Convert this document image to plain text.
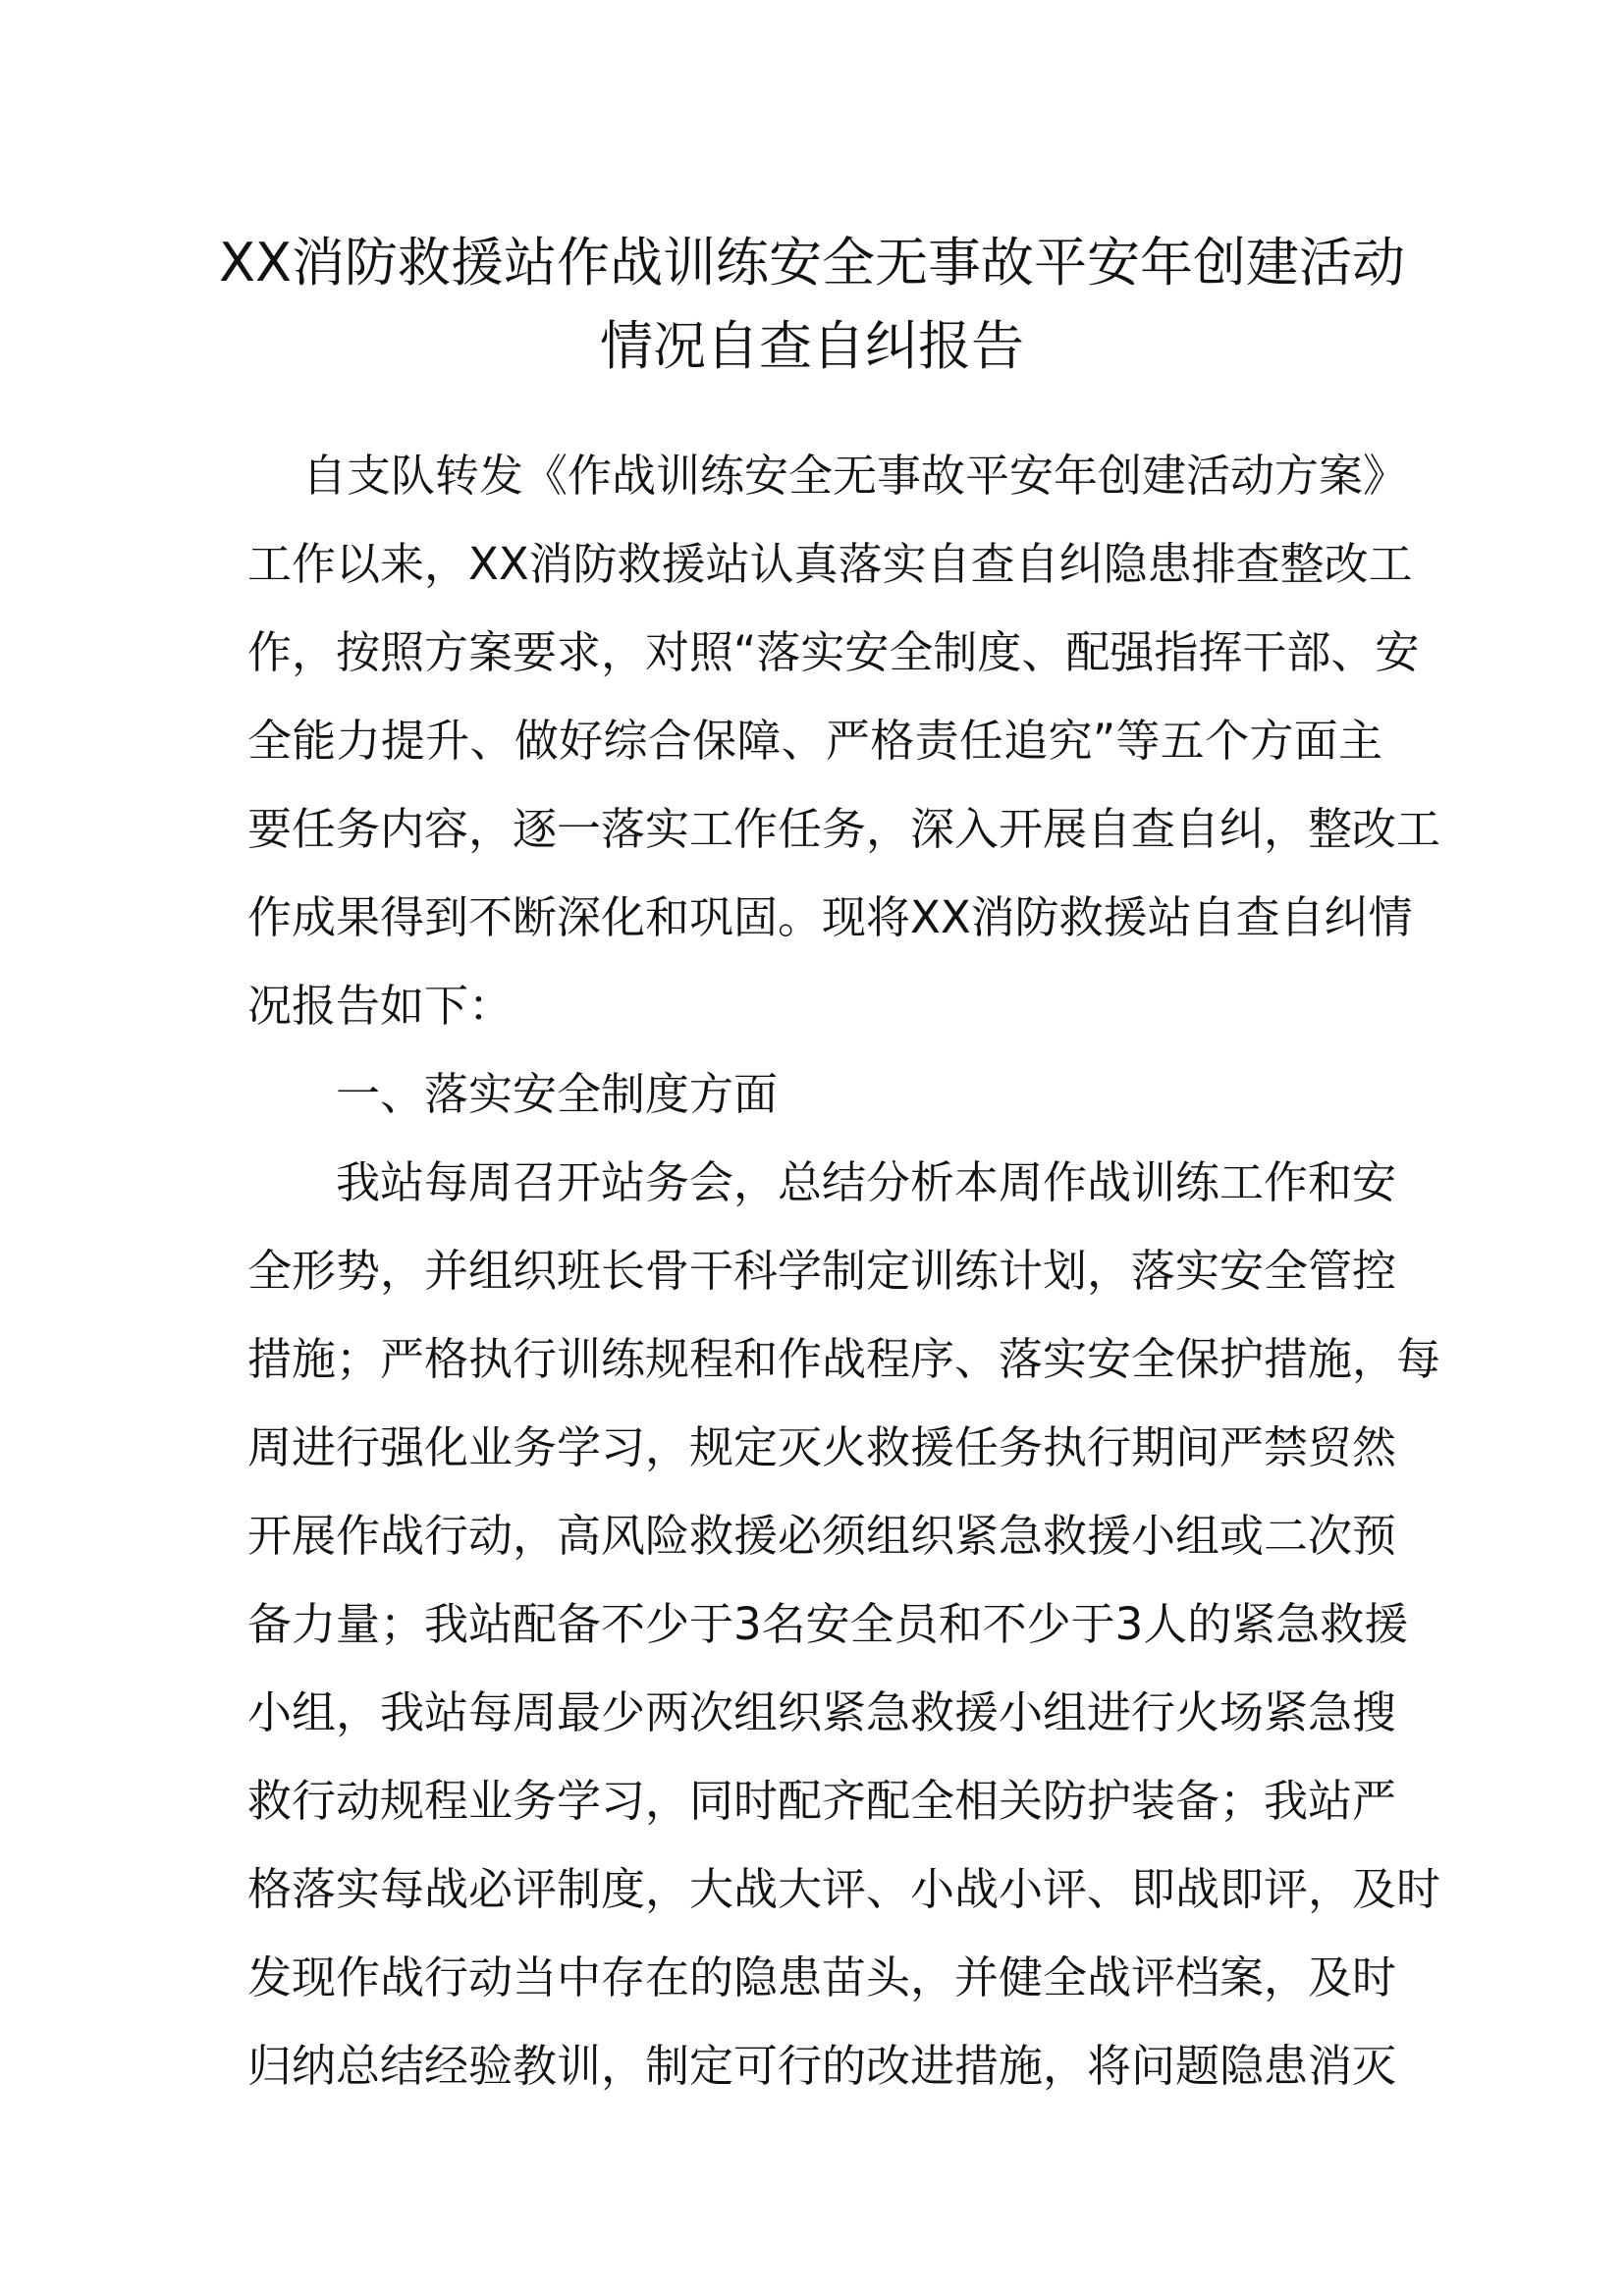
XX消防救援站作战训练安全无事故平安年创建活动
情况自查自纠报告
自支队转发《作战训练安全无事故平安年创建活动方案》
工作以来，XX消防救援站认真落实自查自纠隐患排查整改工
作，按照方案要求，对照“落实安全制度、配强指挥干部、安
全能力提升、做好综合保障、严格责任追究”等五个方面主
要任务内容，逐一落实工作任务，深入开展自查自纠，整改工
作成果得到不断深化和巩固。现将XX消防救援站自查自纠情
况报告如下：
一、落实安全制度方面
我站每周召开站务会，总结分析本周作战训练工作和安
全形势，并组织班长骨干科学制定训练计划，落实安全管控
措施；严格执行训练规程和作战程序、落实安全保护措施，每
周进行强化业务学习，规定灭火救援任务执行期间严禁贸然
开展作战行动，高风险救援必须组织紧急救援小组或二次预
备力量；我站配备不少于3名安全员和不少于3人的紧急救援
小组，我站每周最少两次组织紧急救援小组进行火场紧急搜
救行动规程业务学习，同时配齐配全相关防护装备；我站严
格落实每战必评制度，大战大评、小战小评、即战即评，及时
发现作战行动当中存在的隐患苗头，并健全战评档案，及时
归纳总结经验教训，制定可行的改进措施，将问题隐患消灭
